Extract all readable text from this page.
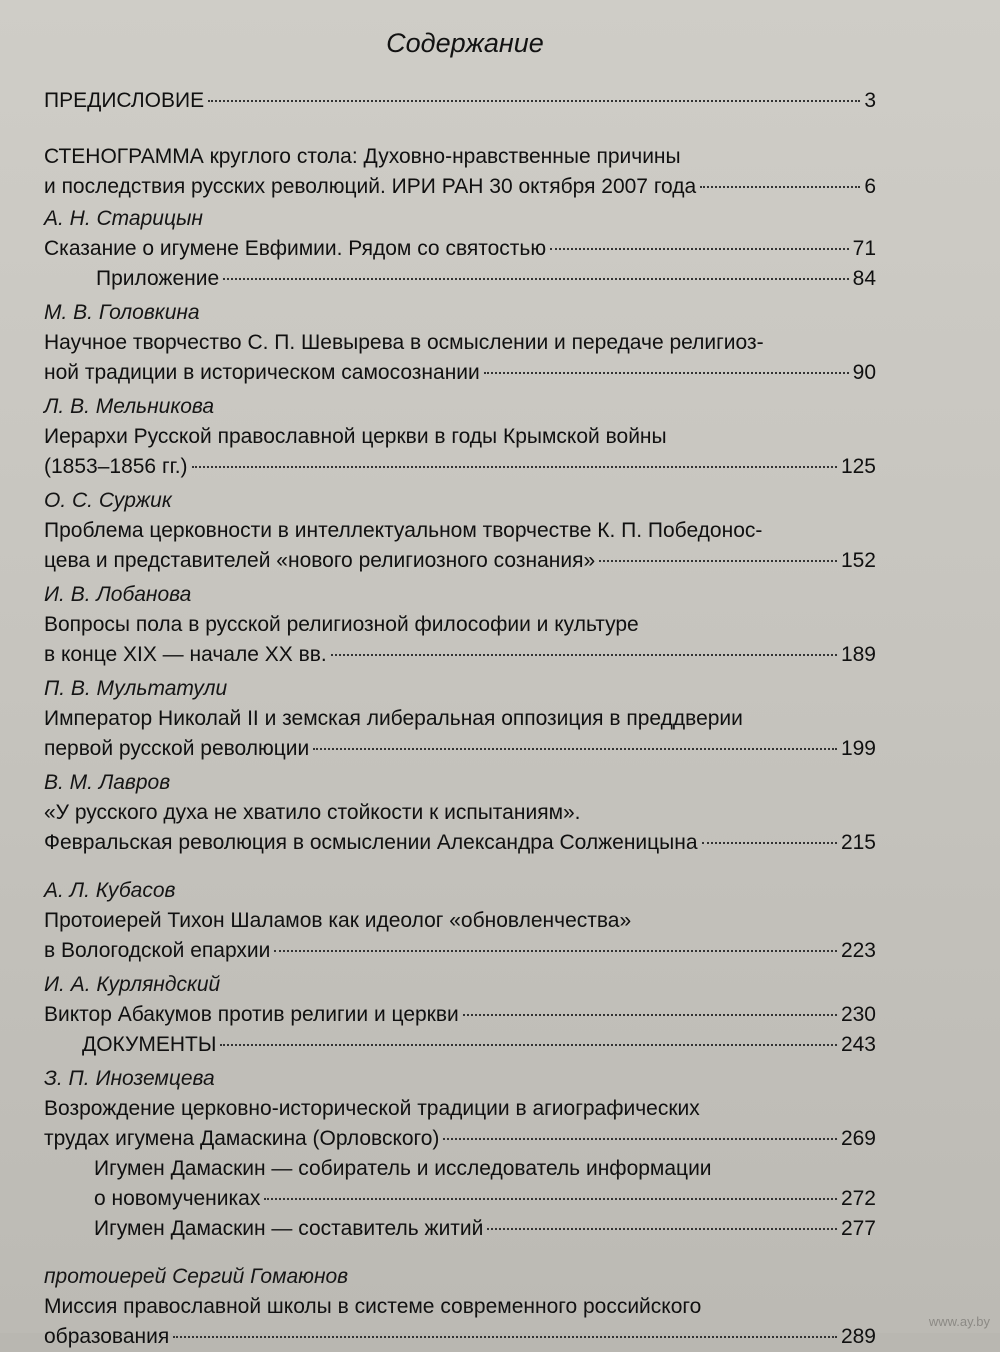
Содержание
ПРЕДИСЛОВИЕ	3
СТЕНОГРАММА круглого стола: Духовно-нравственные причины
и последствия русских революций. ИРИ РАН 30 октября 2007 года	6
А. Н. Старицын
Сказание о игумене Евфимии. Рядом со святостью	71
Приложение	84
М. В. Головкина
Научное творчество С. П. Шевырева в осмыслении и передаче религиоз-
ной традиции в историческом самосознании	90
Л. В. Мельникова
Иерархи Русской православной церкви в годы Крымской войны
(1853–1856 гг.)	125
О. С. Суржик
Проблема церковности в интеллектуальном творчестве К. П. Победонос-
цева и представителей «нового религиозного сознания»	152
И. В. Лобанова
Вопросы пола в русской религиозной философии и культуре
в конце XIX — начале XX вв.	189
П. В. Мультатули
Император Николай II и земская либеральная оппозиция в преддверии
первой русской революции	199
В. М. Лавров
«У русского духа не хватило стойкости к испытаниям».
Февральская революция в осмыслении Александра Солженицына	215
А. Л. Кубасов
Протоиерей Тихон Шаламов как идеолог «обновленчества»
в Вологодской епархии	223
И. А. Курляндский
Виктор Абакумов против религии и церкви	230
ДОКУМЕНТЫ	243
З. П. Иноземцева
Возрождение церковно-исторической традиции в агиографических
трудах игумена Дамаскина (Орловского)	269
Игумен Дамаскин — собиратель и исследователь информации
о новомучениках	272
Игумен Дамаскин — составитель житий	277
протоиерей Сергий Гомаюнов
Миссия православной школы в системе современного российского
образования	289
www.ay.by
